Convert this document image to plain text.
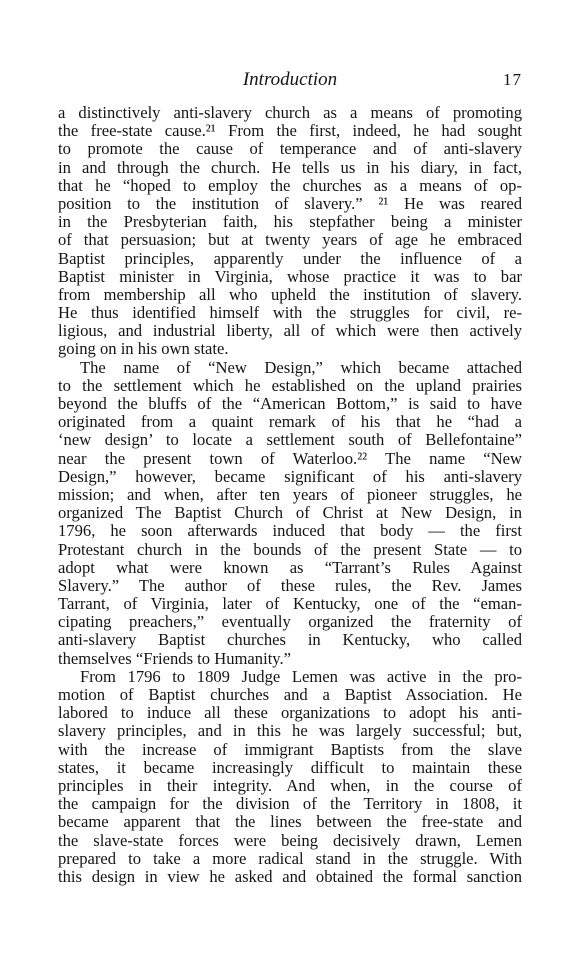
Introduction	17
a distinctively anti-slavery church as a means of promoting
the free-state cause.²¹ From the first, indeed, he had sought
to promote the cause of temperance and of anti-slavery
in and through the church. He tells us in his diary, in fact,
that he “hoped to employ the churches as a means of op-
position to the institution of slavery.” ²¹ He was reared
in the Presbyterian faith, his stepfather being a minister
of that persuasion; but at twenty years of age he embraced
Baptist principles, apparently under the influence of a
Baptist minister in Virginia, whose practice it was to bar
from membership all who upheld the institution of slavery.
He thus identified himself with the struggles for civil, re-
ligious, and industrial liberty, all of which were then actively
going on in his own state.
The name of “New Design,” which became attached
to the settlement which he established on the upland prairies
beyond the bluffs of the “American Bottom,” is said to have
originated from a quaint remark of his that he “had a
‘new design’ to locate a settlement south of Bellefontaine”
near the present town of Waterloo.²² The name “New
Design,” however, became significant of his anti-slavery
mission; and when, after ten years of pioneer struggles, he
organized The Baptist Church of Christ at New Design, in
1796, he soon afterwards induced that body — the first
Protestant church in the bounds of the present State — to
adopt what were known as “Tarrant’s Rules Against
Slavery.” The author of these rules, the Rev. James
Tarrant, of Virginia, later of Kentucky, one of the “eman-
cipating preachers,” eventually organized the fraternity of
anti-slavery Baptist churches in Kentucky, who called
themselves “Friends to Humanity.”
From 1796 to 1809 Judge Lemen was active in the pro-
motion of Baptist churches and a Baptist Association. He
labored to induce all these organizations to adopt his anti-
slavery principles, and in this he was largely successful; but,
with the increase of immigrant Baptists from the slave
states, it became increasingly difficult to maintain these
principles in their integrity. And when, in the course of
the campaign for the division of the Territory in 1808, it
became apparent that the lines between the free-state and
the slave-state forces were being decisively drawn, Lemen
prepared to take a more radical stand in the struggle. With
this design in view he asked and obtained the formal sanction
